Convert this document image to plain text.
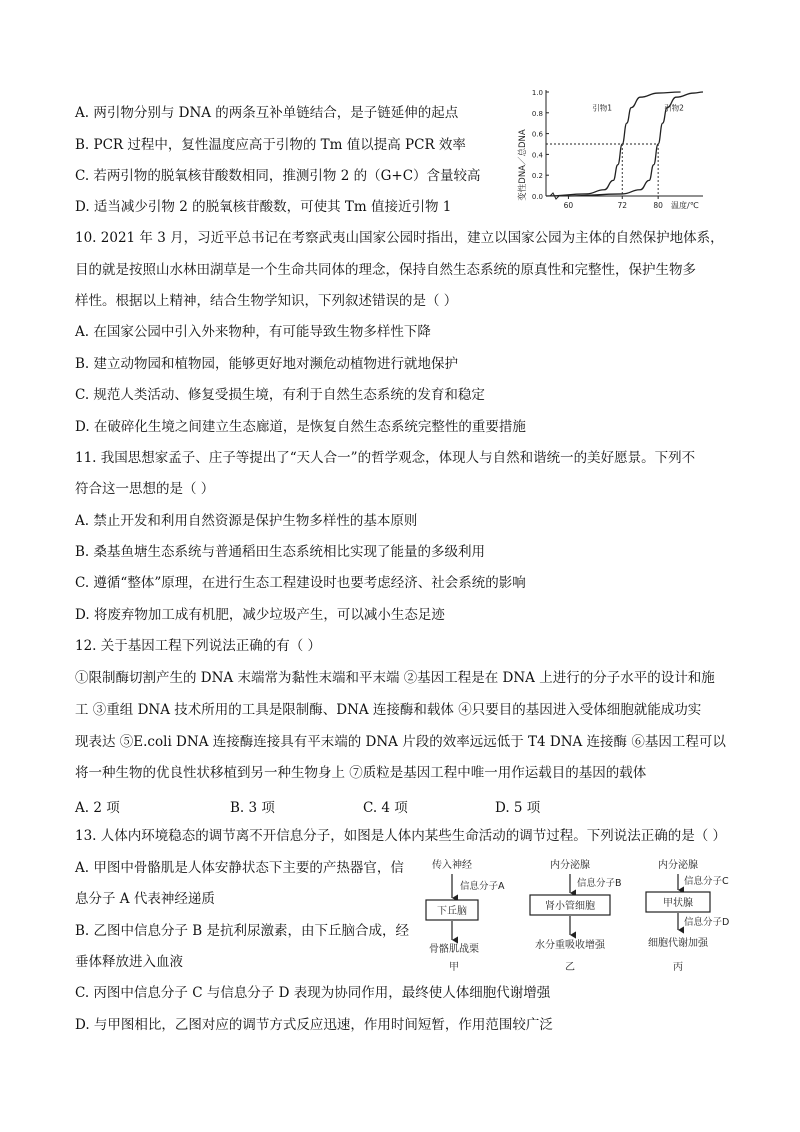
A. 两引物分别与 DNA 的两条互补单链结合，是子链延伸的起点
B. PCR 过程中，复性温度应高于引物的 Tm 值以提高 PCR 效率
C. 若两引物的脱氧核苷酸数相同，推测引物 2 的（G+C）含量较高
D. 适当减少引物 2 的脱氧核苷酸数，可使其 Tm 值接近引物 1
0.0
0.2
0.4
0.6
0.8
1.0
60	72	80
引物1	引物2
变性DNA／总DNA
温度/℃
10. 2021 年 3 月，习近平总书记在考察武夷山国家公园时指出，建立以国家公园为主体的自然保护地体系，
目的就是按照山水林田湖草是一个生命共同体的理念，保持自然生态系统的原真性和完整性，保护生物多
样性。根据以上精神，结合生物学知识，下列叙述错误的是（ ）
A. 在国家公园中引入外来物种，有可能导致生物多样性下降
B. 建立动物园和植物园，能够更好地对濒危动植物进行就地保护
C. 规范人类活动、修复受损生境，有利于自然生态系统的发育和稳定
D. 在破碎化生境之间建立生态廊道，是恢复自然生态系统完整性的重要措施
11. 我国思想家孟子、庄子等提出了“天人合一”的哲学观念，体现人与自然和谐统一的美好愿景。下列不
符合这一思想的是（ ）
A. 禁止开发和利用自然资源是保护生物多样性的基本原则
B. 桑基鱼塘生态系统与普通稻田生态系统相比实现了能量的多级利用
C. 遵循“整体”原理，在进行生态工程建设时也要考虑经济、社会系统的影响
D. 将废弃物加工成有机肥，减少垃圾产生，可以减小生态足迹
12. 关于基因工程下列说法正确的有（ ）
①限制酶切割产生的 DNA 末端常为黏性末端和平末端 ②基因工程是在 DNA 上进行的分子水平的设计和施
工 ③重组 DNA 技术所用的工具是限制酶、DNA 连接酶和载体 ④只要目的基因进入受体细胞就能成功实
现表达 ⑤E.coli DNA 连接酶连接具有平末端的 DNA 片段的效率远远低于 T4 DNA 连接酶 ⑥基因工程可以
将一种生物的优良性状移植到另一种生物身上 ⑦质粒是基因工程中唯一用作运载目的基因的载体
A. 2 项	B. 3 项	C. 4 项	D. 5 项
13. 人体内环境稳态的调节离不开信息分子，如图是人体内某些生命活动的调节过程。下列说法正确的是（ ）
A. 甲图中骨骼肌是人体安静状态下主要的产热器官，信
息分子 A 代表神经递质
B. 乙图中信息分子 B 是抗利尿激素，由下丘脑合成，经
垂体释放进入血液
C. 丙图中信息分子 C 与信息分子 D 表现为协同作用，最终使人体细胞代谢增强
D. 与甲图相比，乙图对应的调节方式反应迅速，作用时间短暂，作用范围较广泛
传入神经
信息分子A
下丘脑
骨骼肌战栗
甲
内分泌腺
信息分子B
肾小管细胞
水分重吸收增强
乙
内分泌腺
信息分子C
甲状腺
信息分子D
细胞代谢加强
丙
